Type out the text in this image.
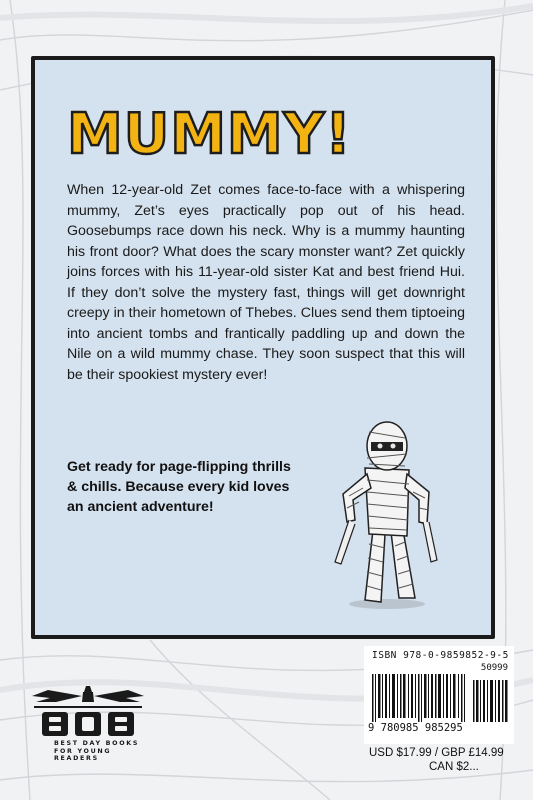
MUMMY!

When 12-year-old Zet comes face-to-face with a whispering mummy, Zet’s eyes practically pop out of his head. Goosebumps race down his neck. Why is a mummy haunting his front door? What does the scary monster want? Zet quickly joins forces with his 11-year-old sister Kat and best friend Hui. If they don’t solve the mystery fast, things will get downright creepy in their hometown of Thebes. Clues send them tiptoeing into ancient tombs and frantically paddling up and down the Nile on a wild mummy chase. They soon suspect that this will be their spookiest mystery ever!

Get ready for page-flipping thrills & chills. Because every kid loves an ancient adventure!

ISBN 978-0-9859852-9-5

50999

9 780985 985295

USD $17.99 / GBP £14.99

CAN $2...

BEST DAY BOOKS

FOR YOUNG READERS
